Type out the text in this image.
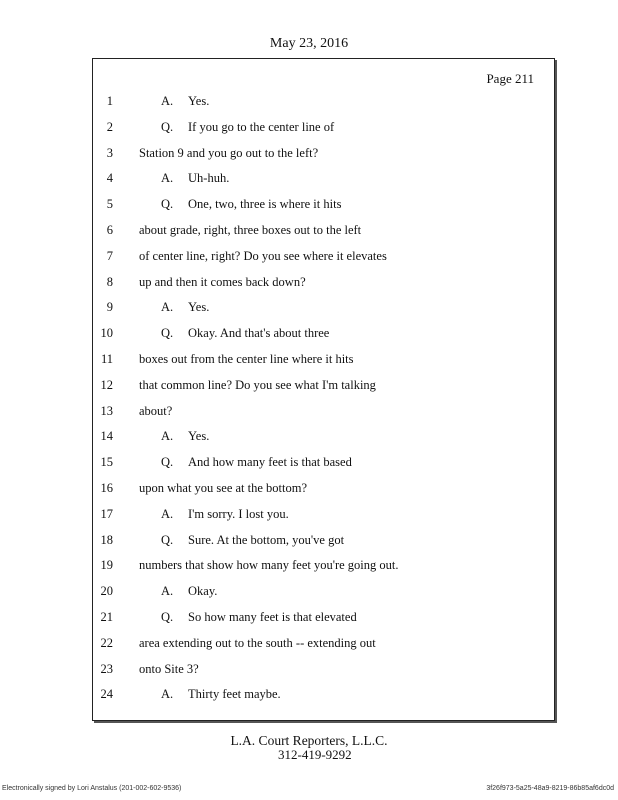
May 23, 2016
Page 211
1	A. Yes.
2	Q. If you go to the center line of
3 Station 9 and you go out to the left?
4	A. Uh-huh.
5	Q. One, two, three is where it hits
6 about grade, right, three boxes out to the left
7 of center line, right? Do you see where it elevates
8 up and then it comes back down?
9	A. Yes.
10	Q. Okay. And that's about three
11 boxes out from the center line where it hits
12 that common line? Do you see what I'm talking
13 about?
14	A. Yes.
15	Q. And how many feet is that based
16 upon what you see at the bottom?
17	A. I'm sorry. I lost you.
18	Q. Sure. At the bottom, you've got
19 numbers that show how many feet you're going out.
20	A. Okay.
21	Q. So how many feet is that elevated
22 area extending out to the south -- extending out
23 onto Site 3?
24	A. Thirty feet maybe.
L.A. Court Reporters, L.L.C.
312-419-9292
Electronically signed by Lori Anstalus (201-002-602-9536)	3f26f973-5a25-48a9-8219-86b85af6dc0d
